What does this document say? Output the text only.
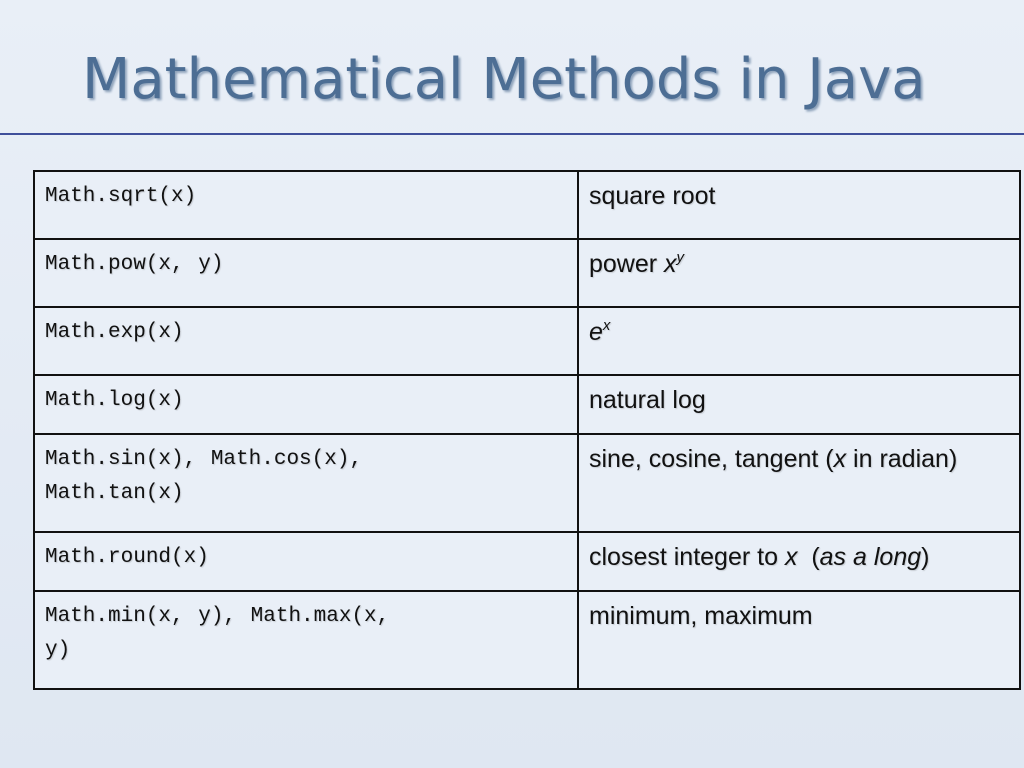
Mathematical Methods in Java
Math.sqrt(x)	square root

Math.pow(x, y)	power $x^y$

Math.exp(x)	$e^x$

Math.log(x)	natural log

Math.sin(x), Math.cos(x),
Math.tan(x)	sine, cosine, tangent (x in radian)

Math.round(x)	closest integer to x  (as a long)

Math.min(x, y), Math.max(x,
y)	minimum, maximum
